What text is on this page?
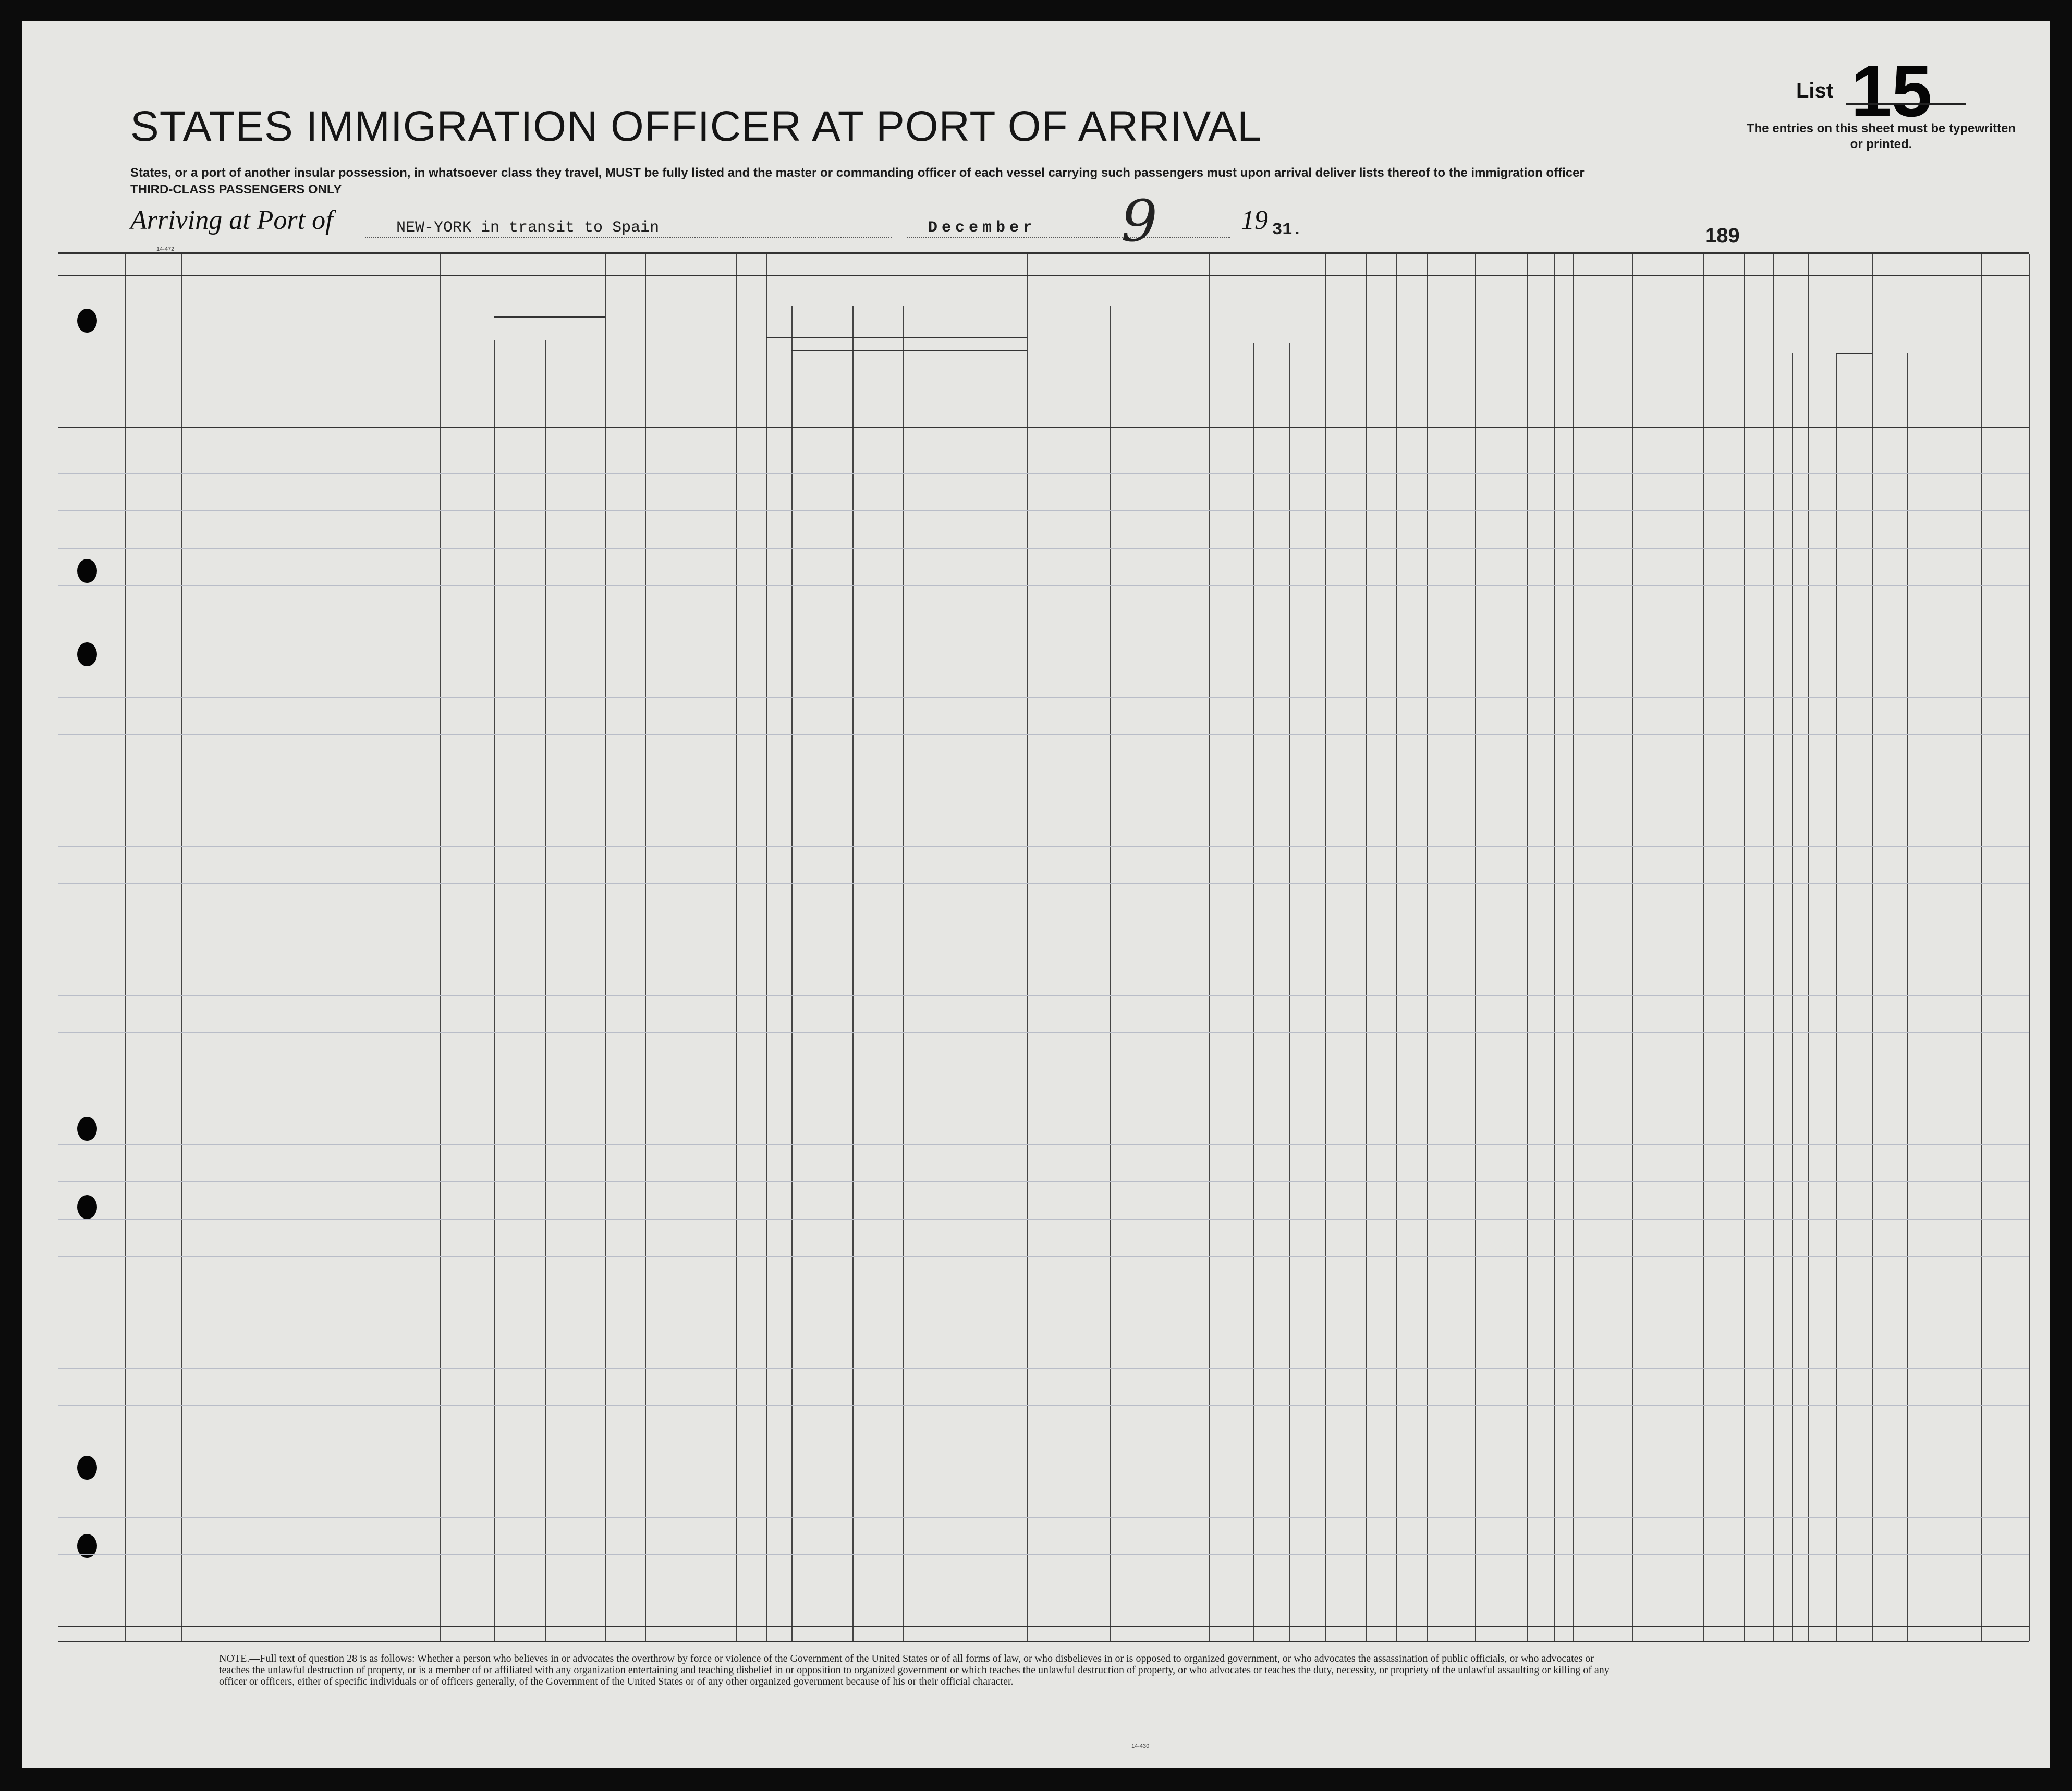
STATES IMMIGRATION OFFICER AT PORT OF ARRIVAL
States, or a port of another insular possession, in whatsoever class they travel, MUST be fully listed and the master or commanding officer of each vessel carrying such passengers must upon arrival deliver lists thereof to the immigration officer
THIRD-CLASS PASSENGERS ONLY
List 15
The entries on this sheet must be typewritten or printed.
Arriving at Port of	NEW-YORK in transit to Spain	December 9	19 31.	189
14-472
NOTE.—Full text of question 28 is as follows: Whether a person who believes in or advocates the overthrow by force or violence of the Government of the United States or of all forms of law, or who disbelieves in or is opposed to organized government, or who advocates the assassination of public officials, or who advocates or teaches the unlawful destruction of property, or is a member of or affiliated with any organization entertaining and teaching disbelief in or opposition to organized government or which teaches the unlawful destruction of property, or who advocates or teaches the duty, necessity, or propriety of the unlawful assaulting or killing of any officer or officers, either of specific individuals or of officers generally, of the Government of the United States or of any other organized government because of his or their official character.
14-430
